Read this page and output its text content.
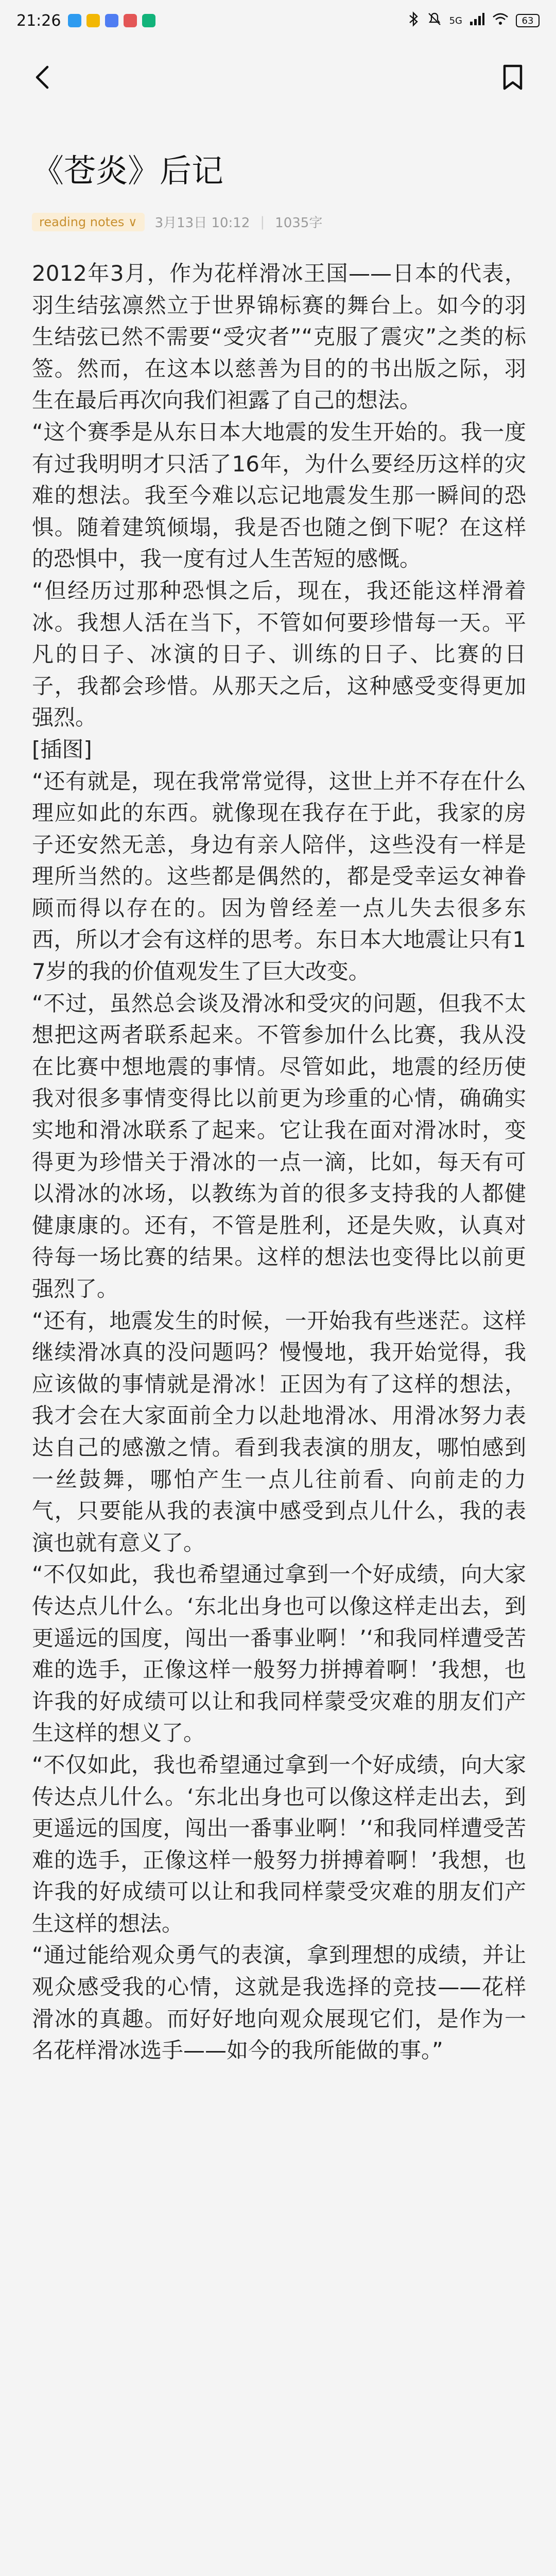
21:26	5G	63
《苍炎》后记
reading notes ∨	3月13日 10:12 | 1035字

2012年3月，作为花样滑冰王国——日本的代表，羽生结弦凛然立于世界锦标赛的舞台上。如今的羽生结弦已然不需要“受灾者”“克服了震灾”之类的标签。然而，在这本以慈善为目的的书出版之际，羽生在最后再次向我们袒露了自己的想法。

“这个赛季是从东日本大地震的发生开始的。我一度有过我明明才只活了16年，为什么要经历这样的灾难的想法。我至今难以忘记地震发生那一瞬间的恐惧。随着建筑倾塌，我是否也随之倒下呢？在这样的恐惧中，我一度有过人生苦短的感慨。

“但经历过那种恐惧之后，现在，我还能这样滑着冰。我想人活在当下，不管如何要珍惜每一天。平凡的日子、冰演的日子、训练的日子、比赛的日子，我都会珍惜。从那天之后，这种感受变得更加强烈。

[插图]

“还有就是，现在我常常觉得，这世上并不存在什么理应如此的东西。就像现在我存在于此，我家的房子还安然无恙，身边有亲人陪伴，这些没有一样是理所当然的。这些都是偶然的，都是受幸运女神眷顾而得以存在的。因为曾经差一点儿失去很多东西，所以才会有这样的思考。东日本大地震让只有17岁的我的价值观发生了巨大改变。

“不过，虽然总会谈及滑冰和受灾的问题，但我不太想把这两者联系起来。不管参加什么比赛，我从没在比赛中想地震的事情。尽管如此，地震的经历使我对很多事情变得比以前更为珍重的心情，确确实实地和滑冰联系了起来。它让我在面对滑冰时，变得更为珍惜关于滑冰的一点一滴，比如，每天有可以滑冰的冰场，以教练为首的很多支持我的人都健健康康的。还有，不管是胜利，还是失败，认真对待每一场比赛的结果。这样的想法也变得比以前更强烈了。

“还有，地震发生的时候，一开始我有些迷茫。这样继续滑冰真的没问题吗？慢慢地，我开始觉得，我应该做的事情就是滑冰！正因为有了这样的想法，我才会在大家面前全力以赴地滑冰、用滑冰努力表达自己的感激之情。看到我表演的朋友，哪怕感到一丝鼓舞，哪怕产生一点儿往前看、向前走的力气，只要能从我的表演中感受到点儿什么，我的表演也就有意义了。

“不仅如此，我也希望通过拿到一个好成绩，向大家传达点儿什么。‘东北出身也可以像这样走出去，到更遥远的国度，闯出一番事业啊！’‘和我同样遭受苦难的选手，正像这样一般努力拼搏着啊！’我想，也许我的好成绩可以让和我同样蒙受灾难的朋友们产生这样的想义了。

“不仅如此，我也希望通过拿到一个好成绩，向大家传达点儿什么。‘东北出身也可以像这样走出去，到更遥远的国度，闯出一番事业啊！’‘和我同样遭受苦难的选手，正像这样一般努力拼搏着啊！’我想，也许我的好成绩可以让和我同样蒙受灾难的朋友们产生这样的想法。

“通过能给观众勇气的表演，拿到理想的成绩，并让观众感受我的心情，这就是我选择的竞技——花样滑冰的真趣。而好好地向观众展现它们，是作为一名花样滑冰选手——如今的我所能做的事。”
